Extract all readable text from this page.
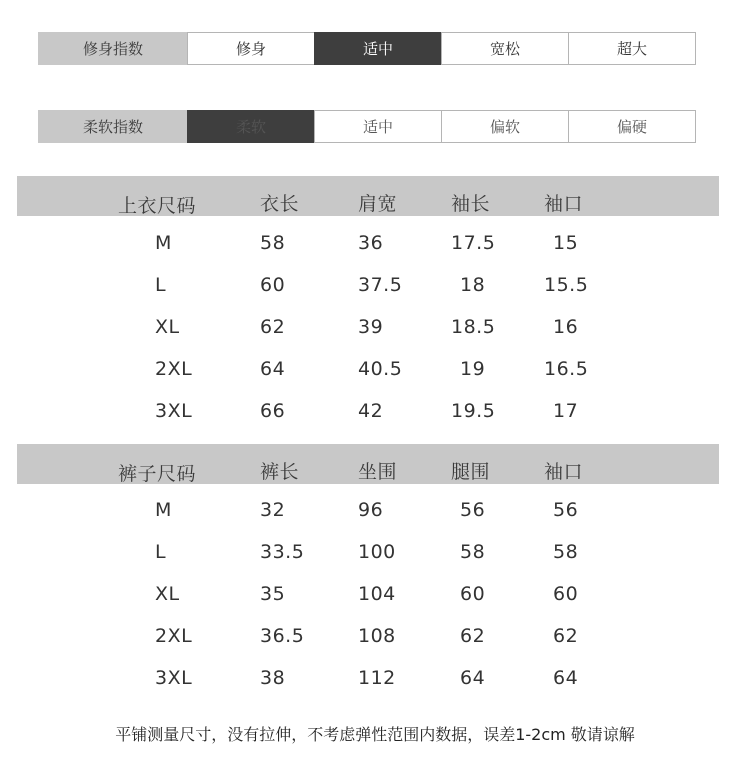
修身指数	修身	适中	宽松	超大
柔软指数	柔软	适中	偏软	偏硬
上衣尺码	衣长	肩宽	袖长	袖口
M	58	36	17.5	15
L	60	37.5	18	15.5
XL	62	39	18.5	16
2XL	64	40.5	19	16.5
3XL	66	42	19.5	17
裤子尺码	裤长	坐围	腿围	袖口
M	32	96	56	56
L	33.5	100	58	58
XL	35	104	60	60
2XL	36.5	108	62	62
3XL	38	112	64	64
平铺测量尺寸，没有拉伸，不考虑弹性范围内数据，误差1-2cm 敬请谅解
